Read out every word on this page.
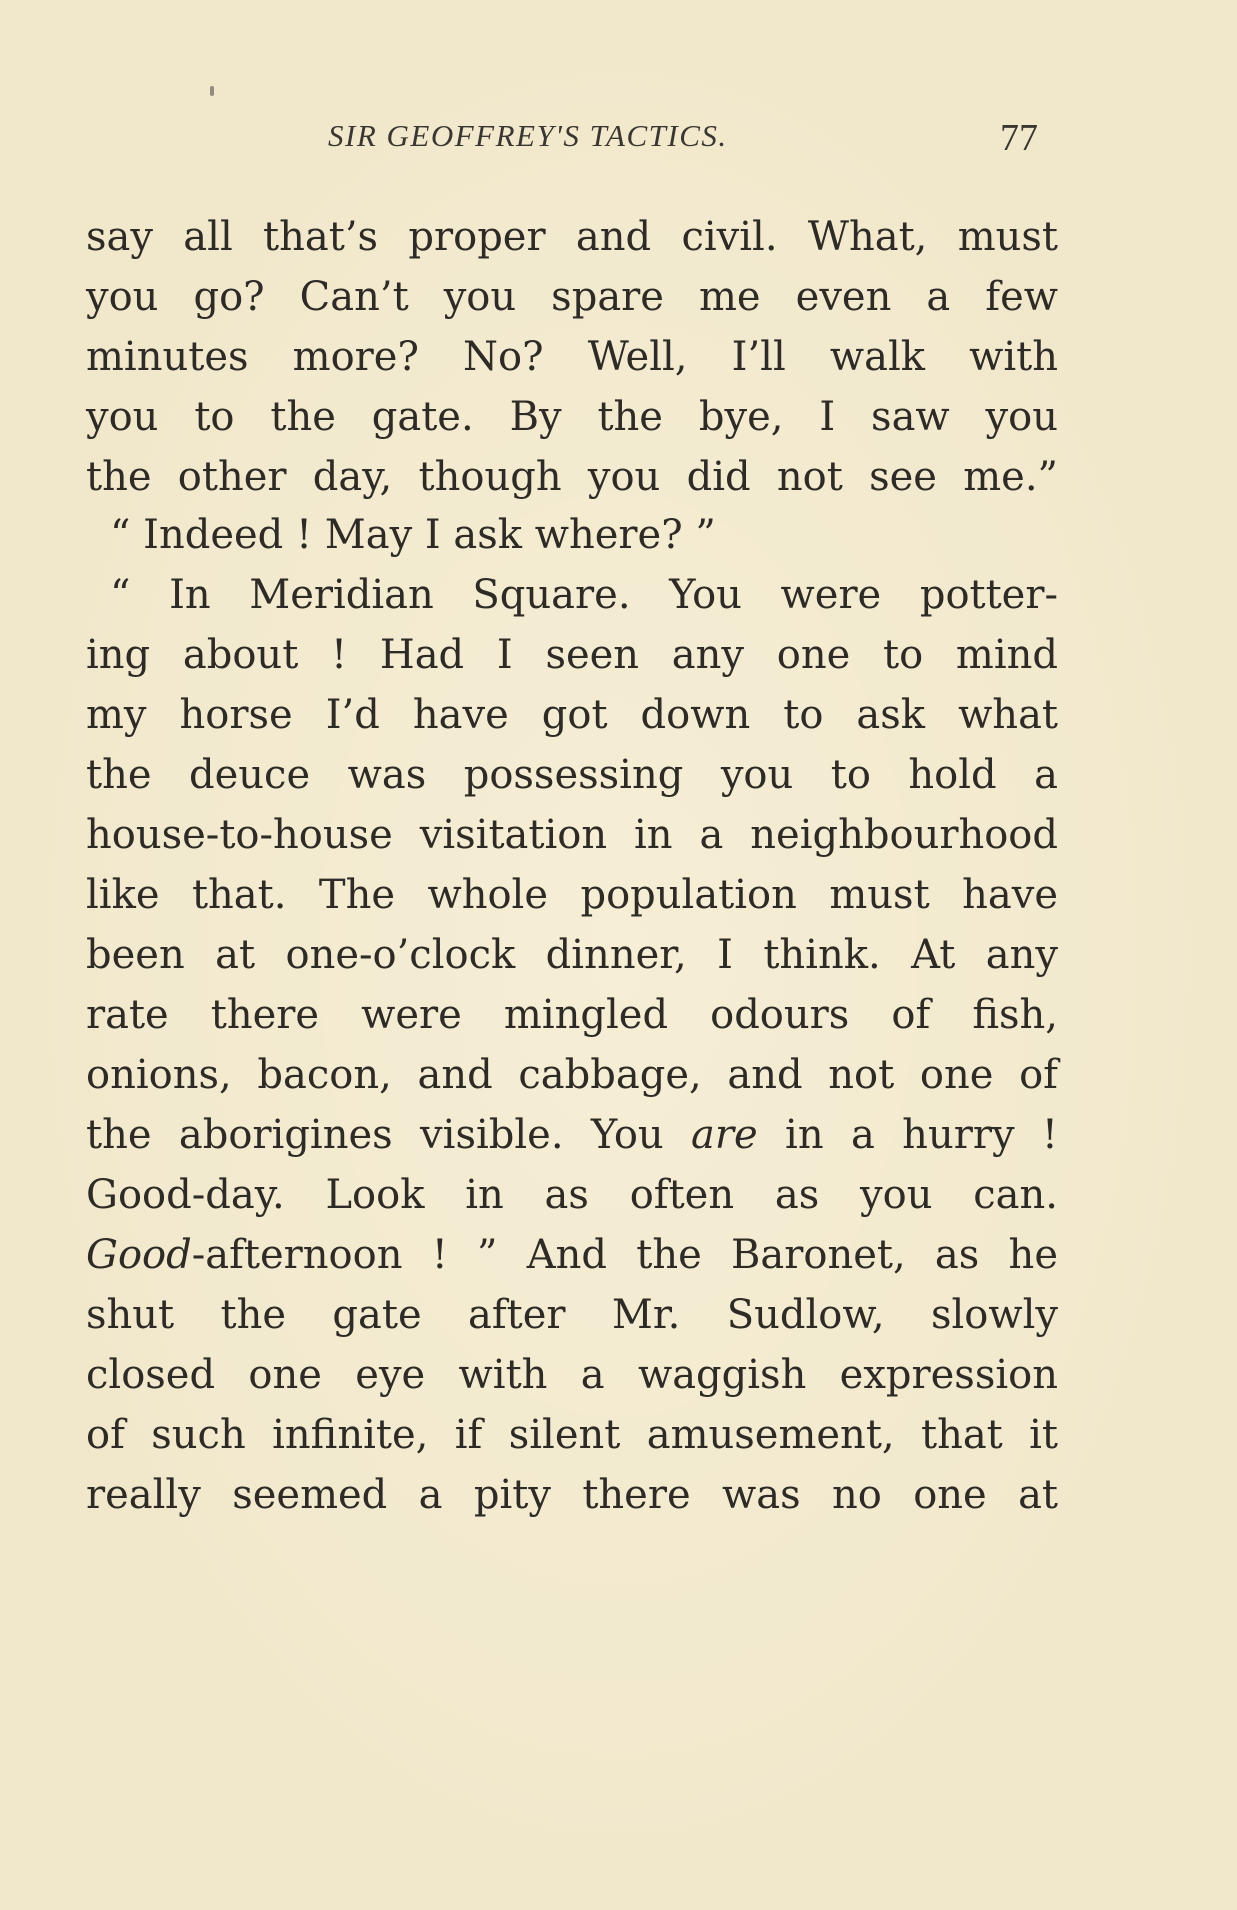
SIR GEOFFREY'S TACTICS.	77
say all that’s proper and civil. What, must
you go? Can’t you spare me even a few
minutes more? No? Well, I’ll walk with
you to the gate. By the bye, I saw you
the other day, though you did not see me.”
“ Indeed ! May I ask where? ”
“ In Meridian Square. You were potter-
ing about ! Had I seen any one to mind
my horse I’d have got down to ask what
the deuce was possessing you to hold a
house-to-house visitation in a neighbourhood
like that. The whole population must have
been at one-o’clock dinner, I think. At any
rate there were mingled odours of fish,
onions, bacon, and cabbage, and not one of
the aborigines visible. You are in a hurry !
Good-day. Look in as often as you can.
Good-afternoon ! ” And the Baronet, as he
shut the gate after Mr. Sudlow, slowly
closed one eye with a waggish expression
of such infinite, if silent amusement, that it
really seemed a pity there was no one at
